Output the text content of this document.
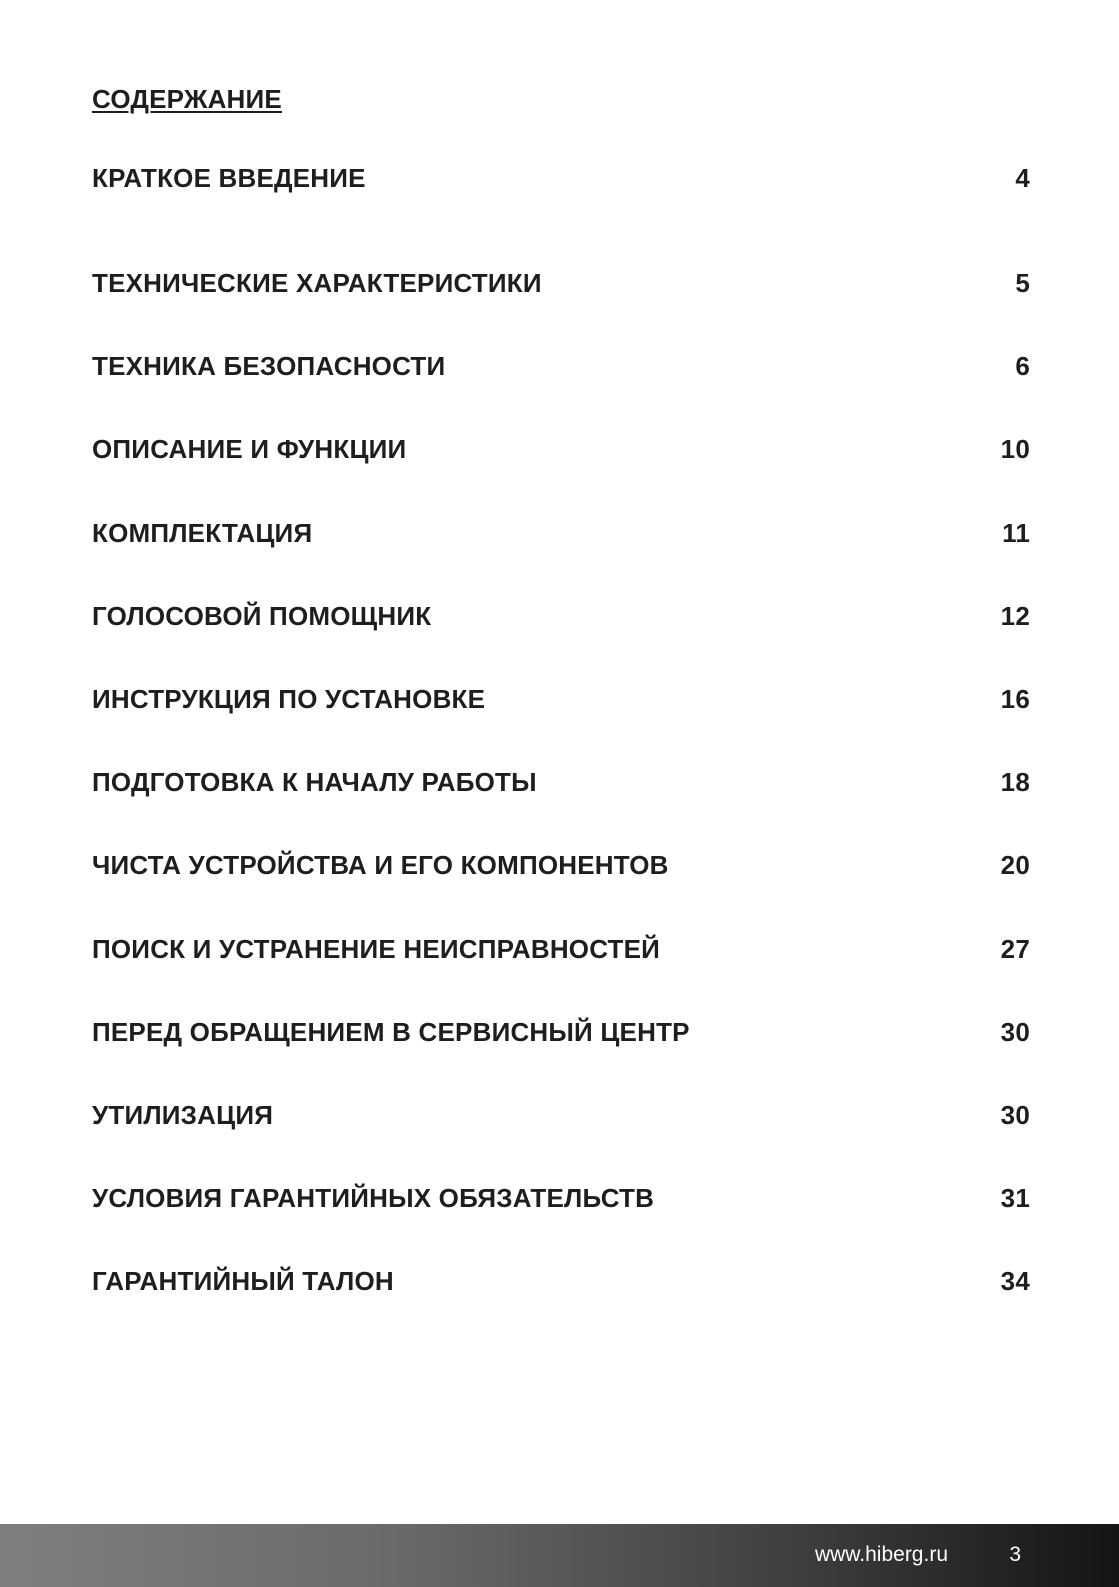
СОДЕРЖАНИЕ
КРАТКОЕ ВВЕДЕНИЕ	4
ТЕХНИЧЕСКИЕ ХАРАКТЕРИСТИКИ	5
ТЕХНИКА БЕЗОПАСНОСТИ	6
ОПИСАНИЕ И ФУНКЦИИ	10
КОМПЛЕКТАЦИЯ	11
ГОЛОСОВОЙ ПОМОЩНИК	12
ИНСТРУКЦИЯ ПО УСТАНОВКЕ	16
ПОДГОТОВКА К НАЧАЛУ РАБОТЫ	18
ЧИСТА УСТРОЙСТВА И ЕГО КОМПОНЕНТОВ	20
ПОИСК И УСТРАНЕНИЕ НЕИСПРАВНОСТЕЙ	27
ПЕРЕД ОБРАЩЕНИЕМ В СЕРВИСНЫЙ ЦЕНТР	30
УТИЛИЗАЦИЯ	30
УСЛОВИЯ ГАРАНТИЙНЫХ ОБЯЗАТЕЛЬСТВ	31
ГАРАНТИЙНЫЙ ТАЛОН	34
www.hiberg.ru	3
